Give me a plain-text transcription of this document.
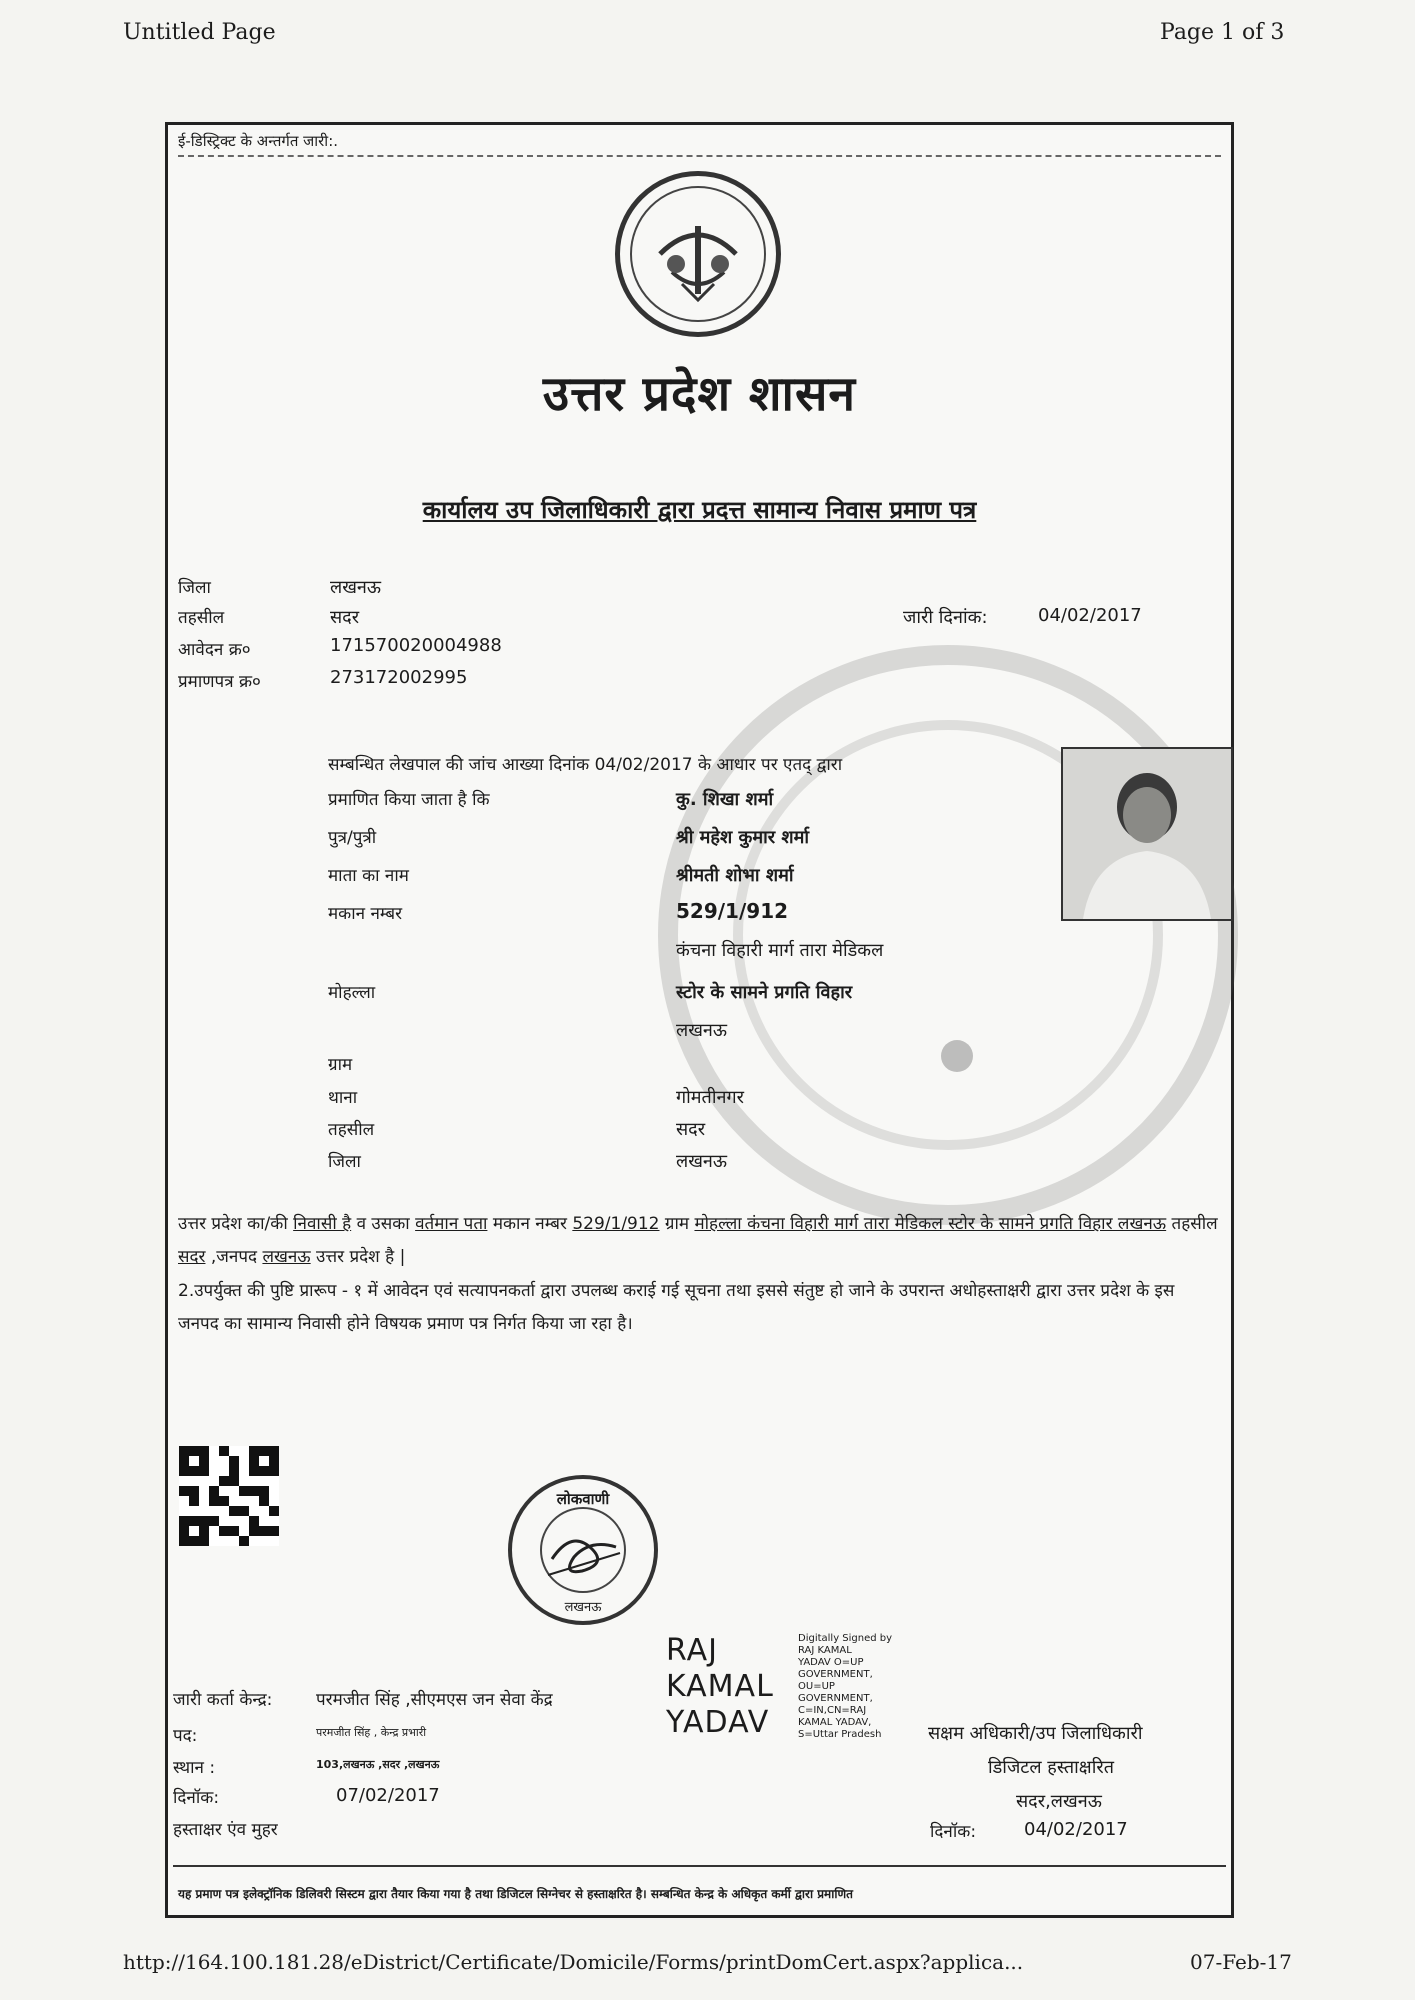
Untitled Page	Page 1 of 3
ई-डिस्ट्रिक्ट के अन्तर्गत जारी:.
उत्तर प्रदेश शासन
कार्यालय उप जिलाधिकारी द्वारा प्रदत्त सामान्य निवास प्रमाण पत्र
जिला	लखनऊ
तहसील	सदर
आवेदन क्र०	171570020004988
प्रमाणपत्र क्र०	273172002995
जारी दिनांक:	04/02/2017
सम्बन्धित लेखपाल की जांच आख्या दिनांक 04/02/2017 के आधार पर एतद् द्वारा
प्रमाणित किया जाता है कि	कु. शिखा शर्मा
पुत्र/पुत्री	श्री महेश कुमार शर्मा
माता का नाम	श्रीमती शोभा शर्मा
मकान नम्बर	529/1/912
कंचना विहारी मार्ग तारा मेडिकल
मोहल्ला	स्टोर के सामने प्रगति विहार
लखनऊ
ग्राम
थाना	गोमतीनगर
तहसील	सदर
जिला	लखनऊ
उत्तर प्रदेश का/की निवासी है व उसका वर्तमान पता मकान नम्बर 529/1/912 ग्राम मोहल्ला कंचना विहारी मार्ग तारा मेडिकल स्टोर के सामने प्रगति विहार लखनऊ तहसील सदर ,जनपद लखनऊ उत्तर प्रदेश है |
2.उपर्युक्त की पुष्टि प्रारूप - १ में आवेदन एवं सत्यापनकर्ता द्वारा उपलब्ध कराई गई सूचना तथा इससे संतुष्ट हो जाने के उपरान्त अधोहस्ताक्षरी द्वारा उत्तर प्रदेश के इस जनपद का सामान्य निवासी होने विषयक प्रमाण पत्र निर्गत किया जा रहा है।
लोकवाणी
लखनऊ
जारी कर्ता केन्द्र:	परमजीत सिंह ,सीएमएस जन सेवा केंद्र
पद:	परमजीत सिंह , केन्द्र प्रभारी
स्थान :	103,लखनऊ ,सदर ,लखनऊ
दिनॉक:	07/02/2017
हस्ताक्षर एंव मुहर
RAJ
KAMAL
YADAV
Digitally Signed by
RAJ KAMAL
YADAV O=UP
GOVERNMENT,
OU=UP
GOVERNMENT,
C=IN,CN=RAJ
KAMAL YADAV,
S=Uttar Pradesh	सक्षम अधिकारी/उप जिलाधिकारी
डिजिटल हस्ताक्षरित
सदर,लखनऊ
दिनॉक:	04/02/2017
यह प्रमाण पत्र इलेक्ट्रॉनिक डिलिवरी सिस्टम द्वारा तैयार किया गया है तथा डिजिटल सिग्नेचर से हस्ताक्षरित है। सम्बन्धित केन्द्र के अधिकृत कर्मी द्वारा प्रमाणित
http://164.100.181.28/eDistrict/Certificate/Domicile/Forms/printDomCert.aspx?applica...	07-Feb-17
